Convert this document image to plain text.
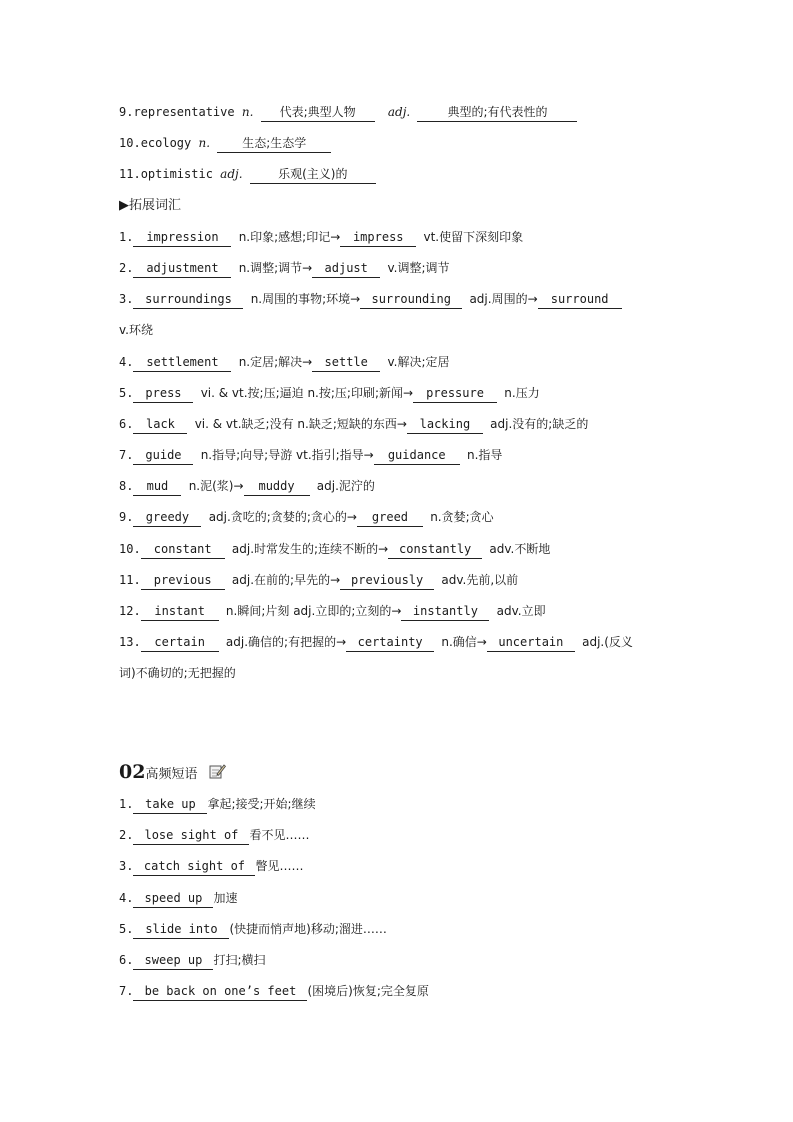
9.representative n. 代表;典型人物	adj.	典型的;有代表性的
10.ecology n.	生态;生态学
11.optimistic adj.	乐观(主义)的
▶拓展词汇
1. impression n.印象;感想;印记→ impress vt.使留下深刻印象
2. adjustment n.调整;调节→ adjust v.调整;调节
3. surroundings n.周围的事物;环境→ surrounding adj.周围的→ surround
v.环绕
4. settlement n.定居;解决→ settle v.解决;定居
5. press vi. & vt.按;压;逼迫 n.按;压;印刷;新闻→ pressure n.压力
6. lack vi. & vt.缺乏;没有 n.缺乏;短缺的东西→ lacking adj.没有的;缺乏的
7. guide n.指导;向导;导游 vt.指引;指导→ guidance n.指导
8. mud n.泥(浆)→ muddy adj.泥泞的
9. greedy adj.贪吃的;贪婪的;贪心的→ greed n.贪婪;贪心
10. constant adj.时常发生的;连续不断的→ constantly adv.不断地
11. previous adj.在前的;早先的→ previously adv.先前,以前
12. instant n.瞬间;片刻 adj.立即的;立刻的→ instantly adv.立即
13. certain adj.确信的;有把握的→ certainty n.确信→ uncertain adj.(反义
词)不确切的;无把握的
02高频短语
1. take up 拿起;接受;开始;继续
2. lose sight of 看不见……
3. catch sight of 瞥见……
4. speed up 加速
5. slide into (快捷而悄声地)移动;溜进……
6. sweep up 打扫;横扫
7. be back on one’s feet (困境后)恢复;完全复原
